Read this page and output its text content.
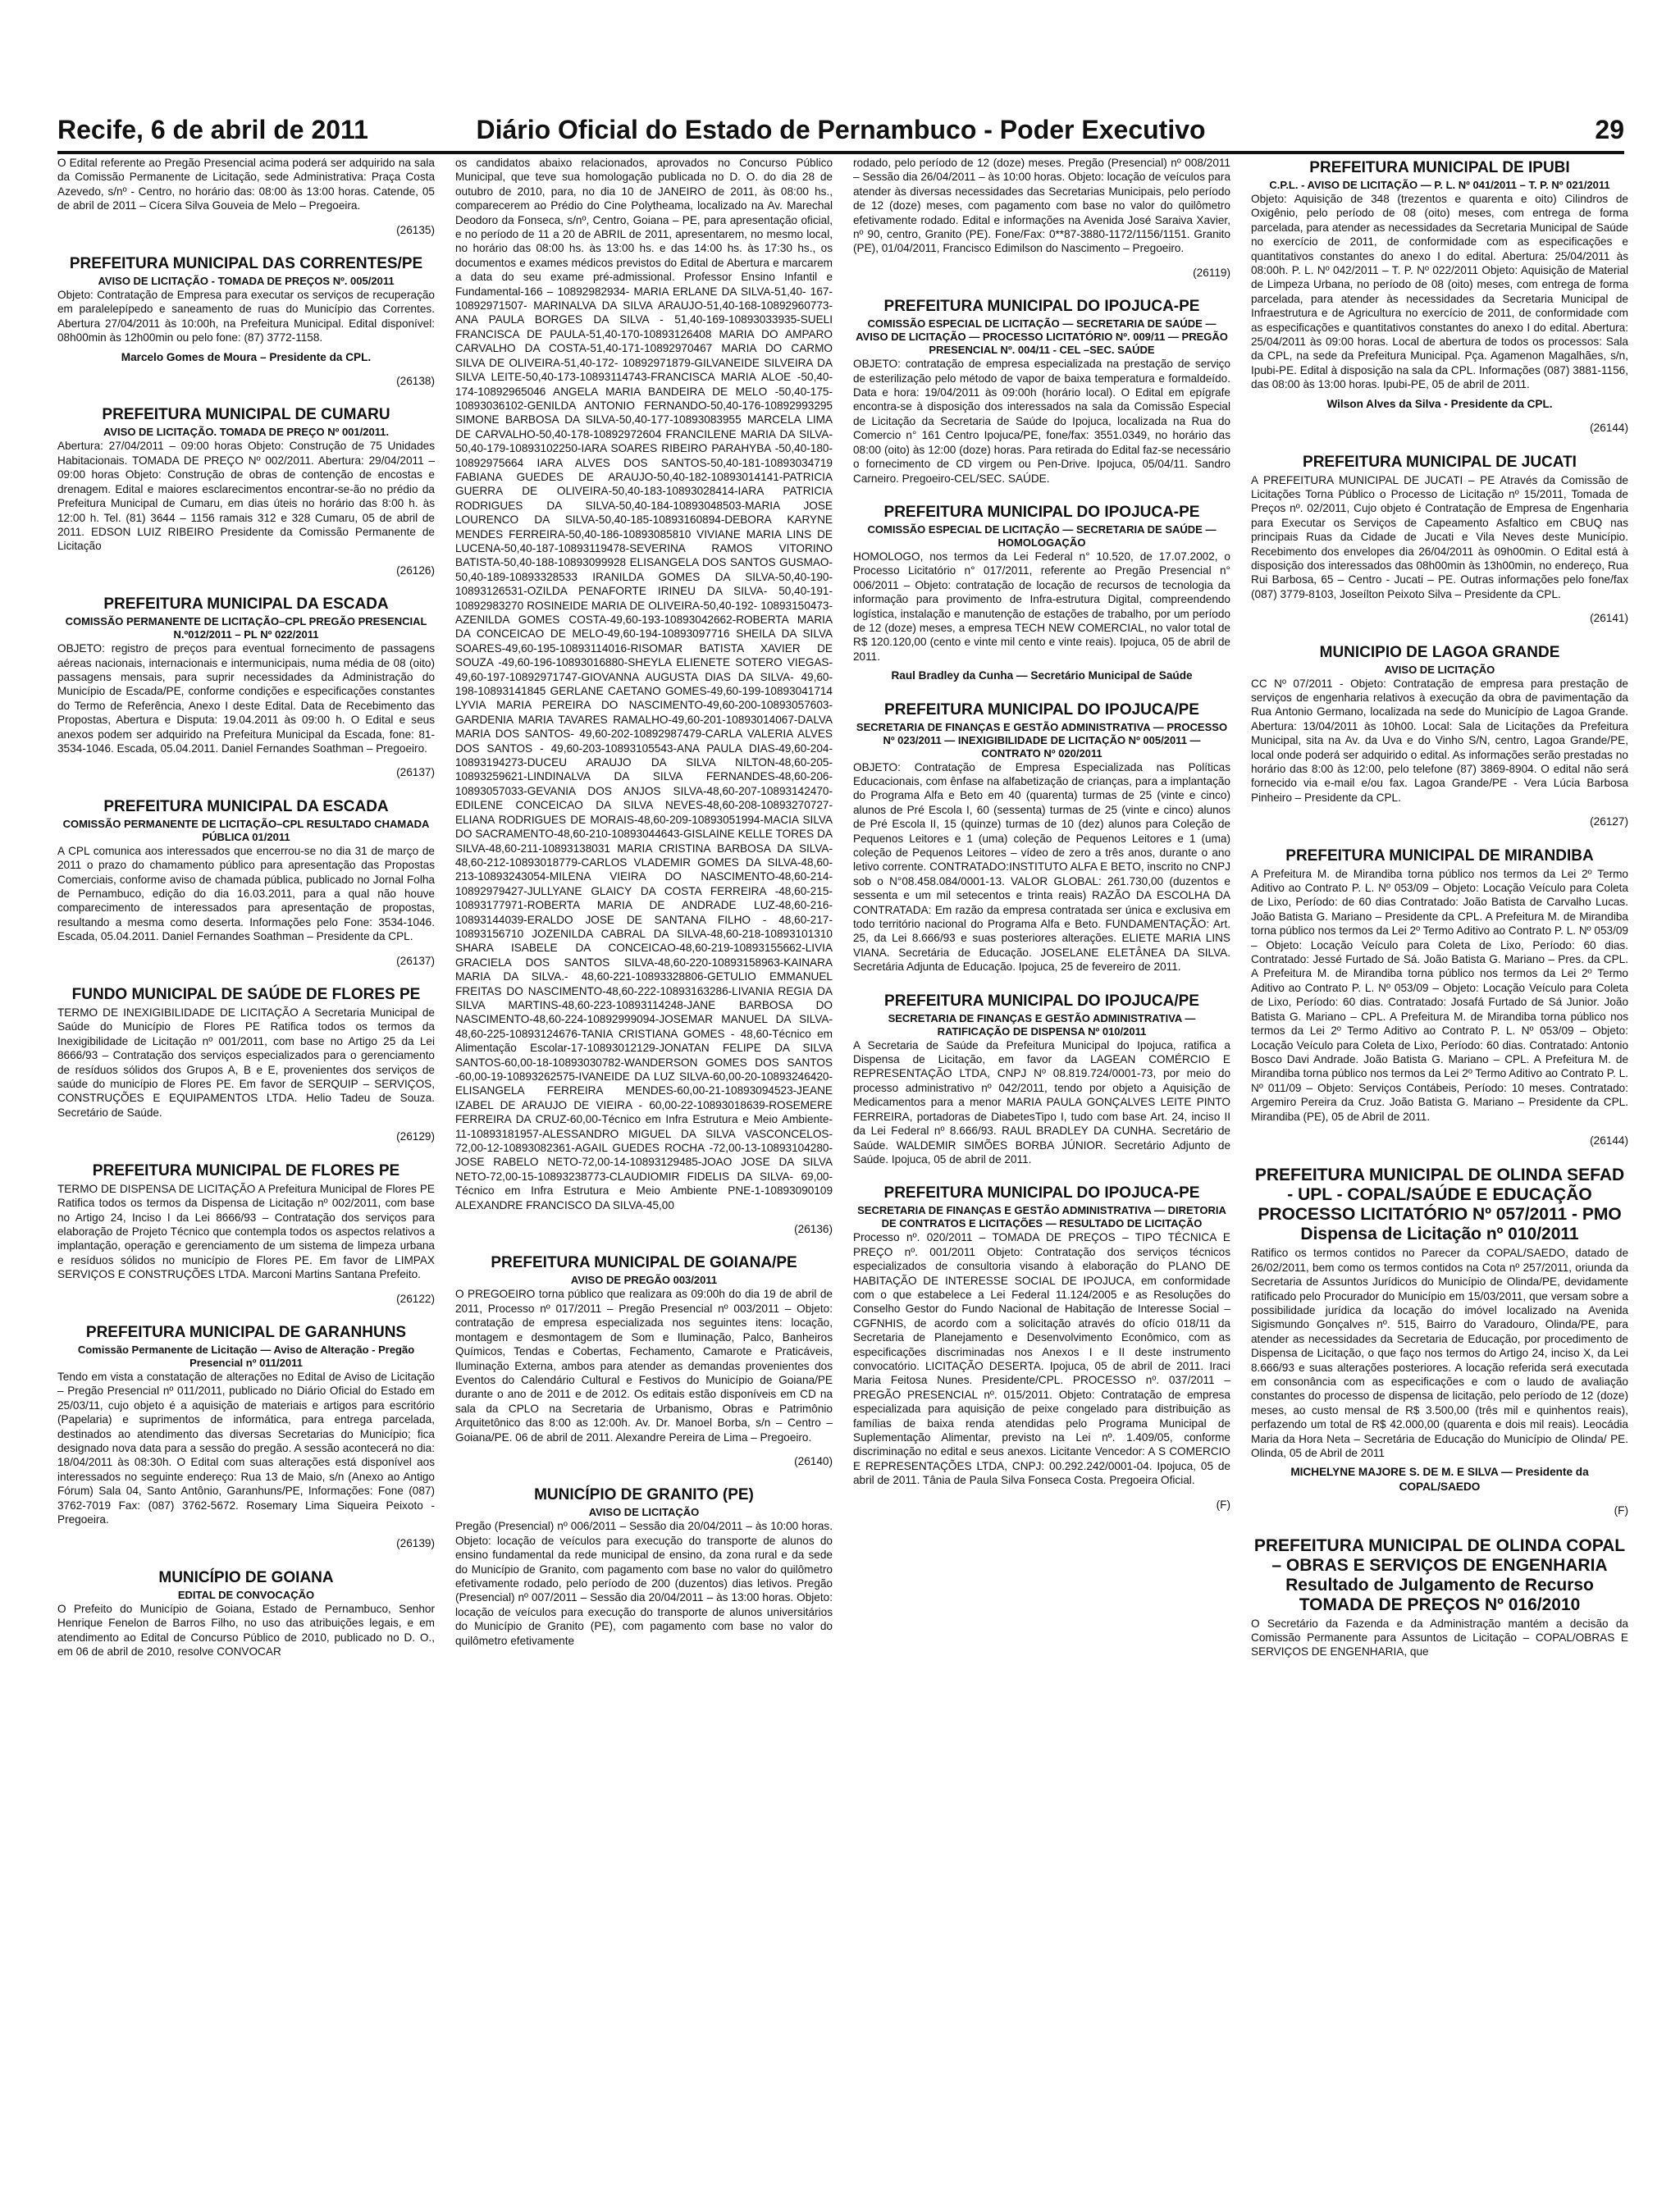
Recife, 6 de abril de 2011	Diário Oficial do Estado de Pernambuco - Poder Executivo	29

O Edital referente ao Pregão Presencial acima poderá ser adquirido na sala da Comissão Permanente de Licitação, sede Administrativa: Praça Costa Azevedo, s/nº - Centro, no horário das: 08:00 às 13:00 horas. Catende, 05 de abril de 2011 – Cícera Silva Gouveia de Melo – Pregoeira.

(26135)

PREFEITURA MUNICIPAL DAS CORRENTES/PE
AVISO DE LICITAÇÃO - TOMADA DE PREÇOS Nº. 005/2011

Objeto: Contratação de Empresa para executar os serviços de recuperação em paralelepípedo e saneamento de ruas do Município das Correntes. Abertura 27/04/2011 às 10:00h, na Prefeitura Municipal. Edital disponível: 08h00min às 12h00min ou pelo fone: (87) 3772-1158.

Marcelo Gomes de Moura – Presidente da CPL.

(26138)

PREFEITURA MUNICIPAL DE CUMARU
AVISO DE LICITAÇÃO. TOMADA DE PREÇO Nº 001/2011.

Abertura: 27/04/2011 – 09:00 horas Objeto: Construção de 75 Unidades Habitacionais. TOMADA DE PREÇO Nº 002/2011. Abertura: 29/04/2011 – 09:00 horas Objeto: Construção de obras de contenção de encostas e drenagem. Edital e maiores esclarecimentos encontrar-se-ão no prédio da Prefeitura Municipal de Cumaru, em dias úteis no horário das 8:00 h. às 12:00 h. Tel. (81) 3644 – 1156 ramais 312 e 328 Cumaru, 05 de abril de 2011. EDSON LUIZ RIBEIRO Presidente da Comissão Permanente de Licitação

(26126)

PREFEITURA MUNICIPAL DA ESCADA
COMISSÃO PERMANENTE DE LICITAÇÃO–CPL PREGÃO PRESENCIAL N.º012/2011 – PL Nº 022/2011

OBJETO: registro de preços para eventual fornecimento de passagens aéreas nacionais, internacionais e intermunicipais, numa média de 08 (oito) passagens mensais, para suprir necessidades da Administração do Município de Escada/PE, conforme condições e especificações constantes do Termo de Referência, Anexo I deste Edital. Data de Recebimento das Propostas, Abertura e Disputa: 19.04.2011 às 09:00 h. O Edital e seus anexos podem ser adquirido na Prefeitura Municipal da Escada, fone: 81-3534-1046. Escada, 05.04.2011. Daniel Fernandes Soathman – Pregoeiro.

(26137)

PREFEITURA MUNICIPAL DA ESCADA
COMISSÃO PERMANENTE DE LICITAÇÃO–CPL RESULTADO CHAMADA PÚBLICA 01/2011

A CPL comunica aos interessados que encerrou-se no dia 31 de março de 2011 o prazo do chamamento público para apresentação das Propostas Comerciais, conforme aviso de chamada pública, publicado no Jornal Folha de Pernambuco, edição do dia 16.03.2011, para a qual não houve comparecimento de interessados para apresentação de propostas, resultando a mesma como deserta. Informações pelo Fone: 3534-1046. Escada, 05.04.2011. Daniel Fernandes Soathman – Presidente da CPL.

(26137)

FUNDO MUNICIPAL DE SAÚDE DE FLORES PE

TERMO DE INEXIGIBILIDADE DE LICITAÇÃO A Secretaria Municipal de Saúde do Município de Flores PE Ratifica todos os termos da Inexigibilidade de Licitação nº 001/2011, com base no Artigo 25 da Lei 8666/93 – Contratação dos serviços especializados para o gerenciamento de resíduos sólidos dos Grupos A, B e E, provenientes dos serviços de saúde do município de Flores PE. Em favor de SERQUIP – SERVIÇOS, CONSTRUÇÕES E EQUIPAMENTOS LTDA. Helio Tadeu de Souza. Secretário de Saúde.

(26129)

PREFEITURA MUNICIPAL DE FLORES PE

TERMO DE DISPENSA DE LICITAÇÃO A Prefeitura Municipal de Flores PE Ratifica todos os termos da Dispensa de Licitação nº 002/2011, com base no Artigo 24, Inciso I da Lei 8666/93 – Contratação dos serviços para elaboração de Projeto Técnico que contempla todos os aspectos relativos a implantação, operação e gerenciamento de um sistema de limpeza urbana e resíduos sólidos no município de Flores PE. Em favor de LIMPAX SERVIÇOS E CONSTRUÇÕES LTDA. Marconi Martins Santana Prefeito.

(26122)

PREFEITURA MUNICIPAL DE GARANHUNS
Comissão Permanente de Licitação — Aviso de Alteração - Pregão Presencial nº 011/2011

Tendo em vista a constatação de alterações no Edital de Aviso de Licitação – Pregão Presencial nº 011/2011, publicado no Diário Oficial do Estado em 25/03/11, cujo objeto é a aquisição de materiais e artigos para escritório (Papelaria) e suprimentos de informática, para entrega parcelada, destinados ao atendimento das diversas Secretarias do Município; fica designado nova data para a sessão do pregão. A sessão acontecerá no dia: 18/04/2011 às 08:30h. O Edital com suas alterações está disponível aos interessados no seguinte endereço: Rua 13 de Maio, s/n (Anexo ao Antigo Fórum) Sala 04, Santo Antônio, Garanhuns/PE, Informações: Fone (087) 3762-7019 Fax: (087) 3762-5672. Rosemary Lima Siqueira Peixoto - Pregoeira.

(26139)

MUNICÍPIO DE GOIANA
EDITAL DE CONVOCAÇÃO

O Prefeito do Município de Goiana, Estado de Pernambuco, Senhor Henrique Fenelon de Barros Filho, no uso das atribuições legais, e em atendimento ao Edital de Concurso Público de 2010, publicado no D. O., em 06 de abril de 2010, resolve CONVOCAR

os candidatos abaixo relacionados, aprovados no Concurso Público Municipal, que teve sua homologação publicada no D. O. do dia 28 de outubro de 2010, para, no dia 10 de JANEIRO de 2011, às 08:00 hs., comparecerem ao Prédio do Cine Polytheama, localizado na Av. Marechal Deodoro da Fonseca, s/nº, Centro, Goiana – PE, para apresentação oficial, e no período de 11 a 20 de ABRIL de 2011, apresentarem, no mesmo local, no horário das 08:00 hs. às 13:00 hs. e das 14:00 hs. às 17:30 hs., os documentos e exames médicos previstos do Edital de Abertura e marcarem a data do seu exame pré-admissional. Professor Ensino Infantil e Fundamental-166 – 10892982934- MARIA ERLANE DA SILVA-51,40- 167-10892971507- MARINALVA DA SILVA ARAUJO-51,40-168-10892960773-ANA PAULA BORGES DA SILVA - 51,40-169-10893033935-SUELI FRANCISCA DE PAULA-51,40-170-10893126408 MARIA DO AMPARO CARVALHO DA COSTA-51,40-171-10892970467 MARIA DO CARMO SILVA DE OLIVEIRA-51,40-172- 10892971879-GILVANEIDE SILVEIRA DA SILVA LEITE-50,40-173-10893114743-FRANCISCA MARIA ALOE -50,40-174-10892965046 ANGELA MARIA BANDEIRA DE MELO -50,40-175-10893036102-GENILDA ANTONIO FERNANDO-50,40-176-10892993295 SIMONE BARBOSA DA SILVA-50,40-177-10893083955 MARCELA LIMA DE CARVALHO-50,40-178-10892972604 FRANCILENE MARIA DA SILVA-50,40-179-10893102250-IARA SOARES RIBEIRO PARAHYBA -50,40-180-10892975664 IARA ALVES DOS SANTOS-50,40-181-10893034719 FABIANA GUEDES DE ARAUJO-50,40-182-10893014141-PATRICIA GUERRA DE OLIVEIRA-50,40-183-10893028414-IARA PATRICIA RODRIGUES DA SILVA-50,40-184-10893048503-MARIA JOSE LOURENCO DA SILVA-50,40-185-10893160894-DEBORA KARYNE MENDES FERREIRA-50,40-186-10893085810 VIVIANE MARIA LINS DE LUCENA-50,40-187-10893119478-SEVERINA RAMOS VITORINO BATISTA-50,40-188-10893099928 ELISANGELA DOS SANTOS GUSMAO-50,40-189-10893328533 IRANILDA GOMES DA SILVA-50,40-190-10893126531-OZILDA PENAFORTE IRINEU DA SILVA- 50,40-191-10892983270 ROSINEIDE MARIA DE OLIVEIRA-50,40-192- 10893150473- AZENILDA GOMES COSTA-49,60-193-10893042662-ROBERTA MARIA DA CONCEICAO DE MELO-49,60-194-10893097716 SHEILA DA SILVA SOARES-49,60-195-10893114016-RISOMAR BATISTA XAVIER DE SOUZA -49,60-196-10893016880-SHEYLA ELIENETE SOTERO VIEGAS-49,60-197-10892971747-GIOVANNA AUGUSTA DIAS DA SILVA- 49,60-198-10893141845 GERLANE CAETANO GOMES-49,60-199-10893041714 LYVIA MARIA PEREIRA DO NASCIMENTO-49,60-200-10893057603-GARDENIA MARIA TAVARES RAMALHO-49,60-201-10893014067-DALVA MARIA DOS SANTOS- 49,60-202-10892987479-CARLA VALERIA ALVES DOS SANTOS - 49,60-203-10893105543-ANA PAULA DIAS-49,60-204-10893194273-DUCEU ARAUJO DA SILVA NILTON-48,60-205-10893259621-LINDINALVA DA SILVA FERNANDES-48,60-206-10893057033-GEVANIA DOS ANJOS SILVA-48,60-207-10893142470-EDILENE CONCEICAO DA SILVA NEVES-48,60-208-10893270727-ELIANA RODRIGUES DE MORAIS-48,60-209-10893051994-MACIA SILVA DO SACRAMENTO-48,60-210-10893044643-GISLAINE KELLE TORES DA SILVA-48,60-211-10893138031 MARIA CRISTINA BARBOSA DA SILVA-48,60-212-10893018779-CARLOS VLADEMIR GOMES DA SILVA-48,60-213-10893243054-MILENA VIEIRA DO NASCIMENTO-48,60-214-10892979427-JULLYANE GLAICY DA COSTA FERREIRA -48,60-215-10893177971-ROBERTA MARIA DE ANDRADE LUZ-48,60-216-10893144039-ERALDO JOSE DE SANTANA FILHO - 48,60-217-10893156710 JOZENILDA CABRAL DA SILVA-48,60-218-10893101310 SHARA ISABELE DA CONCEICAO-48,60-219-10893155662-LIVIA GRACIELA DOS SANTOS SILVA-48,60-220-10893158963-KAINARA MARIA DA SILVA.- 48,60-221-10893328806-GETULIO EMMANUEL FREITAS DO NASCIMENTO-48,60-222-10893163286-LIVANIA REGIA DA SILVA MARTINS-48,60-223-10893114248-JANE BARBOSA DO NASCIMENTO-48,60-224-10892999094-JOSEMAR MANUEL DA SILVA-48,60-225-10893124676-TANIA CRISTIANA GOMES - 48,60-Técnico em Alimentação Escolar-17-10893012129-JONATAN FELIPE DA SILVA SANTOS-60,00-18-10893030782-WANDERSON GOMES DOS SANTOS -60,00-19-10893262575-IVANEIDE DA LUZ SILVA-60,00-20-10893246420-ELISANGELA FERREIRA MENDES-60,00-21-10893094523-JEANE IZABEL DE ARAUJO DE VIEIRA - 60,00-22-10893018639-ROSEMERE FERREIRA DA CRUZ-60,00-Técnico em Infra Estrutura e Meio Ambiente-11-10893181957-ALESSANDRO MIGUEL DA SILVA VASCONCELOS-72,00-12-10893082361-AGAIL GUEDES ROCHA -72,00-13-10893104280-JOSE RABELO NETO-72,00-14-10893129485-JOAO JOSE DA SILVA NETO-72,00-15-10893238773-CLAUDIOMIR FIDELIS DA SILVA- 69,00-Técnico em Infra Estrutura e Meio Ambiente PNE-1-10893090109 ALEXANDRE FRANCISCO DA SILVA-45,00

(26136)

PREFEITURA MUNICIPAL DE GOIANA/PE
AVISO DE PREGÃO 003/2011

O PREGOEIRO torna público que realizara as 09:00h do dia 19 de abril de 2011, Processo nº 017/2011 – Pregão Presencial nº 003/2011 – Objeto: contratação de empresa especializada nos seguintes itens: locação, montagem e desmontagem de Som e Iluminação, Palco, Banheiros Químicos, Tendas e Cobertas, Fechamento, Camarote e Praticáveis, Iluminação Externa, ambos para atender as demandas provenientes dos Eventos do Calendário Cultural e Festivos do Município de Goiana/PE durante o ano de 2011 e de 2012. Os editais estão disponíveis em CD na sala da CPLO na Secretaria de Urbanismo, Obras e Patrimônio Arquitetônico das 8:00 as 12:00h. Av. Dr. Manoel Borba, s/n – Centro – Goiana/PE. 06 de abril de 2011. Alexandre Pereira de Lima – Pregoeiro.

(26140)

MUNICÍPIO DE GRANITO (PE)
AVISO DE LICITAÇÃO

Pregão (Presencial) nº 006/2011 – Sessão dia 20/04/2011 – às 10:00 horas. Objeto: locação de veículos para execução do transporte de alunos do ensino fundamental da rede municipal de ensino, da zona rural e da sede do Município de Granito, com pagamento com base no valor do quilômetro efetivamente rodado, pelo período de 200 (duzentos) dias letivos. Pregão (Presencial) nº 007/2011 – Sessão dia 20/04/2011 – às 13:00 horas. Objeto: locação de veículos para execução do transporte de alunos universitários do Município de Granito (PE), com pagamento com base no valor do quilômetro efetivamente

rodado, pelo período de 12 (doze) meses. Pregão (Presencial) nº 008/2011 – Sessão dia 26/04/2011 – às 10:00 horas. Objeto: locação de veículos para atender às diversas necessidades das Secretarias Municipais, pelo período de 12 (doze) meses, com pagamento com base no valor do quilômetro efetivamente rodado. Edital e informações na Avenida José Saraiva Xavier, nº 90, centro, Granito (PE). Fone/Fax: 0**87-3880-1172/1156/1151. Granito (PE), 01/04/2011, Francisco Edimilson do Nascimento – Pregoeiro.

(26119)

PREFEITURA MUNICIPAL DO IPOJUCA-PE
COMISSÃO ESPECIAL DE LICITAÇÃO — SECRETARIA DE SAÚDE — AVISO DE LICITAÇÃO — PROCESSO LICITATÓRIO Nº. 009/11 — PREGÃO PRESENCIAL Nº. 004/11 - CEL –SEC. SAÚDE

OBJETO: contratação de empresa especializada na prestação de serviço de esterilização pelo método de vapor de baixa temperatura e formaldeído. Data e hora: 19/04/2011 às 09:00h (horário local). O Edital em epígrafe encontra-se à disposição dos interessados na sala da Comissão Especial de Licitação da Secretaria de Saúde do Ipojuca, localizada na Rua do Comercio n° 161 Centro Ipojuca/PE, fone/fax: 3551.0349, no horário das 08:00 (oito) às 12:00 (doze) horas. Para retirada do Edital faz-se necessário o fornecimento de CD virgem ou Pen-Drive. Ipojuca, 05/04/11. Sandro Carneiro. Pregoeiro-CEL/SEC. SAÚDE.

PREFEITURA MUNICIPAL DO IPOJUCA-PE
COMISSÃO ESPECIAL DE LICITAÇÃO — SECRETARIA DE SAÚDE — HOMOLOGAÇÃO

HOMOLOGO, nos termos da Lei Federal n° 10.520, de 17.07.2002, o Processo Licitatório n° 017/2011, referente ao Pregão Presencial n° 006/2011 – Objeto: contratação de locação de recursos de tecnologia da informação para provimento de Infra-estrutura Digital, compreendendo logística, instalação e manutenção de estações de trabalho, por um período de 12 (doze) meses, a empresa TECH NEW COMERCIAL, no valor total de R$ 120.120,00 (cento e vinte mil cento e vinte reais). Ipojuca, 05 de abril de 2011.

Raul Bradley da Cunha — Secretário Municipal de Saúde

PREFEITURA MUNICIPAL DO IPOJUCA/PE
SECRETARIA DE FINANÇAS E GESTÃO ADMINISTRATIVA — PROCESSO Nº 023/2011 — INEXIGIBILIDADE DE LICITAÇÃO Nº 005/2011 — CONTRATO Nº 020/2011

OBJETO: Contratação de Empresa Especializada nas Políticas Educacionais, com ênfase na alfabetização de crianças, para a implantação do Programa Alfa e Beto em 40 (quarenta) turmas de 25 (vinte e cinco) alunos de Pré Escola I, 60 (sessenta) turmas de 25 (vinte e cinco) alunos de Pré Escola II, 15 (quinze) turmas de 10 (dez) alunos para Coleção de Pequenos Leitores e 1 (uma) coleção de Pequenos Leitores e 1 (uma) coleção de Pequenos Leitores – vídeo de zero a três anos, durante o ano letivo corrente. CONTRATADO:INSTITUTO ALFA E BETO, inscrito no CNPJ sob o N°08.458.084/0001-13. VALOR GLOBAL: 261.730,00 (duzentos e sessenta e um mil setecentos e trinta reais) RAZÃO DA ESCOLHA DA CONTRATADA: Em razão da empresa contratada ser única e exclusiva em todo território nacional do Programa Alfa e Beto. FUNDAMENTAÇÃO: Art. 25, da Lei 8.666/93 e suas posteriores alterações. ELIETE MARIA LINS VIANA. Secretária de Educação. JOSELANE ELETÂNEA DA SILVA. Secretária Adjunta de Educação. Ipojuca, 25 de fevereiro de 2011.

PREFEITURA MUNICIPAL DO IPOJUCA/PE
SECRETARIA DE FINANÇAS E GESTÃO ADMINISTRATIVA — RATIFICAÇÃO DE DISPENSA Nº 010/2011

A Secretaria de Saúde da Prefeitura Municipal do Ipojuca, ratifica a Dispensa de Licitação, em favor da LAGEAN COMÉRCIO E REPRESENTAÇÃO LTDA, CNPJ Nº 08.819.724/0001-73, por meio do processo administrativo nº 042/2011, tendo por objeto a Aquisição de Medicamentos para a menor MARIA PAULA GONÇALVES LEITE PINTO FERREIRA, portadoras de DiabetesTipo I, tudo com base Art. 24, inciso II da Lei Federal nº 8.666/93. RAUL BRADLEY DA CUNHA. Secretário de Saúde. WALDEMIR SIMÕES BORBA JÚNIOR. Secretário Adjunto de Saúde. Ipojuca, 05 de abril de 2011.

PREFEITURA MUNICIPAL DO IPOJUCA-PE
SECRETARIA DE FINANÇAS E GESTÃO ADMINISTRATIVA — DIRETORIA DE CONTRATOS E LICITAÇÕES — RESULTADO DE LICITAÇÃO

Processo nº. 020/2011 – TOMADA DE PREÇOS – TIPO TÉCNICA E PREÇO nº. 001/2011 Objeto: Contratação dos serviços técnicos especializados de consultoria visando à elaboração do PLANO DE HABITAÇÃO DE INTERESSE SOCIAL DE IPOJUCA, em conformidade com o que estabelece a Lei Federal 11.124/2005 e as Resoluções do Conselho Gestor do Fundo Nacional de Habitação de Interesse Social – CGFNHIS, de acordo com a solicitação através do ofício 018/11 da Secretaria de Planejamento e Desenvolvimento Econômico, com as especificações discriminadas nos Anexos I e II deste instrumento convocatório. LICITAÇÃO DESERTA. Ipojuca, 05 de abril de 2011. Iraci Maria Feitosa Nunes. Presidente/CPL. PROCESSO nº. 037/2011 – PREGÃO PRESENCIAL nº. 015/2011. Objeto: Contratação de empresa especializada para aquisição de peixe congelado para distribuição as famílias de baixa renda atendidas pelo Programa Municipal de Suplementação Alimentar, previsto na Lei nº. 1.409/05, conforme discriminação no edital e seus anexos. Licitante Vencedor: A S COMERCIO E REPRESENTAÇÕES LTDA, CNPJ: 00.292.242/0001-04. Ipojuca, 05 de abril de 2011. Tânia de Paula Silva Fonseca Costa. Pregoeira Oficial.

(F)

PREFEITURA MUNICIPAL DE IPUBI
C.P.L. - AVISO DE LICITAÇÃO — P. L. Nº 041/2011 – T. P. Nº 021/2011

Objeto: Aquisição de 348 (trezentos e quarenta e oito) Cilindros de Oxigênio, pelo período de 08 (oito) meses, com entrega de forma parcelada, para atender as necessidades da Secretaria Municipal de Saúde no exercício de 2011, de conformidade com as especificações e quantitativos constantes do anexo I do edital. Abertura: 25/04/2011 às 08:00h. P. L. Nº 042/2011 – T. P. Nº 022/2011 Objeto: Aquisição de Material de Limpeza Urbana, no período de 08 (oito) meses, com entrega de forma parcelada, para atender às necessidades da Secretaria Municipal de Infraestrutura e de Agricultura no exercício de 2011, de conformidade com as especificações e quantitativos constantes do anexo I do edital. Abertura: 25/04/2011 às 09:00 horas. Local de abertura de todos os processos: Sala da CPL, na sede da Prefeitura Municipal. Pça. Agamenon Magalhães, s/n, Ipubi-PE. Edital à disposição na sala da CPL. Informações (087) 3881-1156, das 08:00 às 13:00 horas. Ipubi-PE, 05 de abril de 2011.

Wilson Alves da Silva - Presidente da CPL.

(26144)

PREFEITURA MUNICIPAL DE JUCATI

A PREFEITURA MUNICIPAL DE JUCATI – PE Através da Comissão de Licitações Torna Público o Processo de Licitação nº 15/2011, Tomada de Preços nº. 02/2011, Cujo objeto é Contratação de Empresa de Engenharia para Executar os Serviços de Capeamento Asfaltico em CBUQ nas principais Ruas da Cidade de Jucati e Vila Neves deste Município. Recebimento dos envelopes dia 26/04/2011 às 09h00min. O Edital está à disposição dos interessados das 08h00min às 13h00min, no endereço, Rua Rui Barbosa, 65 – Centro - Jucati – PE. Outras informações pelo fone/fax (087) 3779-8103, Joseílton Peixoto Silva – Presidente da CPL.

(26141)

MUNICIPIO DE LAGOA GRANDE
AVISO DE LICITAÇÃO

CC Nº 07/2011 - Objeto: Contratação de empresa para prestação de serviços de engenharia relativos à execução da obra de pavimentação da Rua Antonio Germano, localizada na sede do Município de Lagoa Grande. Abertura: 13/04/2011 às 10h00. Local: Sala de Licitações da Prefeitura Municipal, sita na Av. da Uva e do Vinho S/N, centro, Lagoa Grande/PE, local onde poderá ser adquirido o edital. As informações serão prestadas no horário das 8:00 às 12:00, pelo telefone (87) 3869-8904. O edital não será fornecido via e-mail e/ou fax. Lagoa Grande/PE - Vera Lúcia Barbosa Pinheiro – Presidente da CPL.

(26127)

PREFEITURA MUNICIPAL DE MIRANDIBA

A Prefeitura M. de Mirandiba torna público nos termos da Lei 2º Termo Aditivo ao Contrato P. L. Nº 053/09 – Objeto: Locação Veículo para Coleta de Lixo, Período: de 60 dias Contratado: João Batista de Carvalho Lucas. João Batista G. Mariano – Presidente da CPL. A Prefeitura M. de Mirandiba torna público nos termos da Lei 2º Termo Aditivo ao Contrato P. L. Nº 053/09 – Objeto: Locação Veículo para Coleta de Lixo, Período: 60 dias. Contratado: Jessé Furtado de Sá. João Batista G. Mariano – Pres. da CPL. A Prefeitura M. de Mirandiba torna público nos termos da Lei 2º Termo Aditivo ao Contrato P. L. Nº 053/09 – Objeto: Locação Veículo para Coleta de Lixo, Período: 60 dias. Contratado: Josafá Furtado de Sá Junior. João Batista G. Mariano – CPL. A Prefeitura M. de Mirandiba torna público nos termos da Lei 2º Termo Aditivo ao Contrato P. L. Nº 053/09 – Objeto: Locação Veículo para Coleta de Lixo, Período: 60 dias. Contratado: Antonio Bosco Davi Andrade. João Batista G. Mariano – CPL. A Prefeitura M. de Mirandiba torna público nos termos da Lei 2º Termo Aditivo ao Contrato P. L. Nº 011/09 – Objeto: Serviços Contábeis, Período: 10 meses. Contratado: Argemiro Pereira da Cruz. João Batista G. Mariano – Presidente da CPL. Mirandiba (PE), 05 de Abril de 2011.

(26144)

PREFEITURA MUNICIPAL DE OLINDA SEFAD - UPL - COPAL/SAÚDE E EDUCAÇÃO PROCESSO LICITATÓRIO Nº 057/2011 - PMO Dispensa de Licitação nº 010/2011

Ratifico os termos contidos no Parecer da COPAL/SAEDO, datado de 26/02/2011, bem como os termos contidos na Cota nº 257/2011, oriunda da Secretaria de Assuntos Jurídicos do Município de Olinda/PE, devidamente ratificado pelo Procurador do Município em 15/03/2011, que versam sobre a possibilidade jurídica da locação do imóvel localizado na Avenida Sigismundo Gonçalves nº. 515, Bairro do Varadouro, Olinda/PE, para atender as necessidades da Secretaria de Educação, por procedimento de Dispensa de Licitação, o que faço nos termos do Artigo 24, inciso X, da Lei 8.666/93 e suas alterações posteriores. A locação referida será executada em consonância com as especificações e com o laudo de avaliação constantes do processo de dispensa de licitação, pelo período de 12 (doze) meses, ao custo mensal de R$ 3.500,00 (três mil e quinhentos reais), perfazendo um total de R$ 42.000,00 (quarenta e dois mil reais). Leocádia Maria da Hora Neta – Secretária de Educação do Município de Olinda/ PE. Olinda, 05 de Abril de 2011

MICHELYNE MAJORE S. DE M. E SILVA — Presidente da COPAL/SAEDO

(F)

PREFEITURA MUNICIPAL DE OLINDA COPAL – OBRAS E SERVIÇOS DE ENGENHARIA Resultado de Julgamento de Recurso TOMADA DE PREÇOS Nº 016/2010

O Secretário da Fazenda e da Administração mantém a decisão da Comissão Permanente para Assuntos de Licitação – COPAL/OBRAS E SERVIÇOS DE ENGENHARIA, que
